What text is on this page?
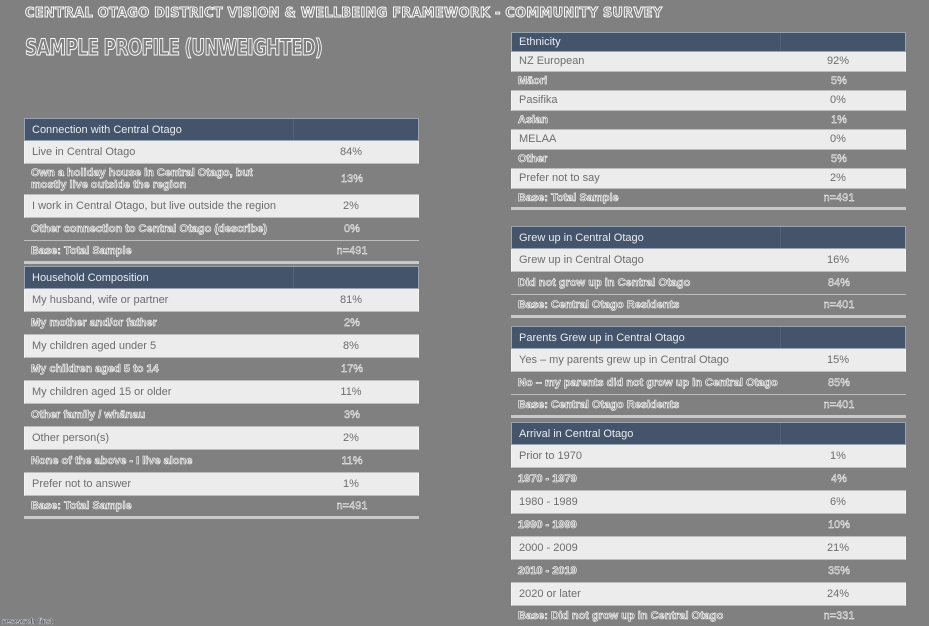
CENTRAL OTAGO DISTRICT VISION & WELLBEING FRAMEWORK - COMMUNITY SURVEY
SAMPLE PROFILE (UNWEIGHTED)
Connection with Central Otago
Live in Central Otago	84%
Own a holiday house in Central Otago, but mostly live outside the region	13%
I work in Central Otago, but live outside the region	2%
Other connection to Central Otago (describe)	0%
Base: Total Sample	n=491
Household Composition
My husband, wife or partner	81%
My mother and/or father	2%
My children aged under 5	8%
My children aged 5 to 14	17%
My children aged 15 or older	11%
Other family / whānau	3%
Other person(s)	2%
None of the above - I live alone	11%
Prefer not to answer	1%
Base: Total Sample	n=491
Ethnicity
NZ European	92%
Māori	5%
Pasifika	0%
Asian	1%
MELAA	0%
Other	5%
Prefer not to say	2%
Base: Total Sample	n=491
Grew up in Central Otago
Grew up in Central Otago	16%
Did not grow up in Central Otago	84%
Base: Central Otago Residents	n=401
Parents Grew up in Central Otago
Yes – my parents grew up in Central Otago	15%
No – my parents did not grow up in Central Otago	85%
Base: Central Otago Residents	n=401
Arrival in Central Otago
Prior to 1970	1%
1970 - 1979	4%
1980 - 1989	6%
1990 - 1999	10%
2000 - 2009	21%
2010 - 2019	35%
2020 or later	24%
Base: Did not grow up in Central Otago	n=331
research first
